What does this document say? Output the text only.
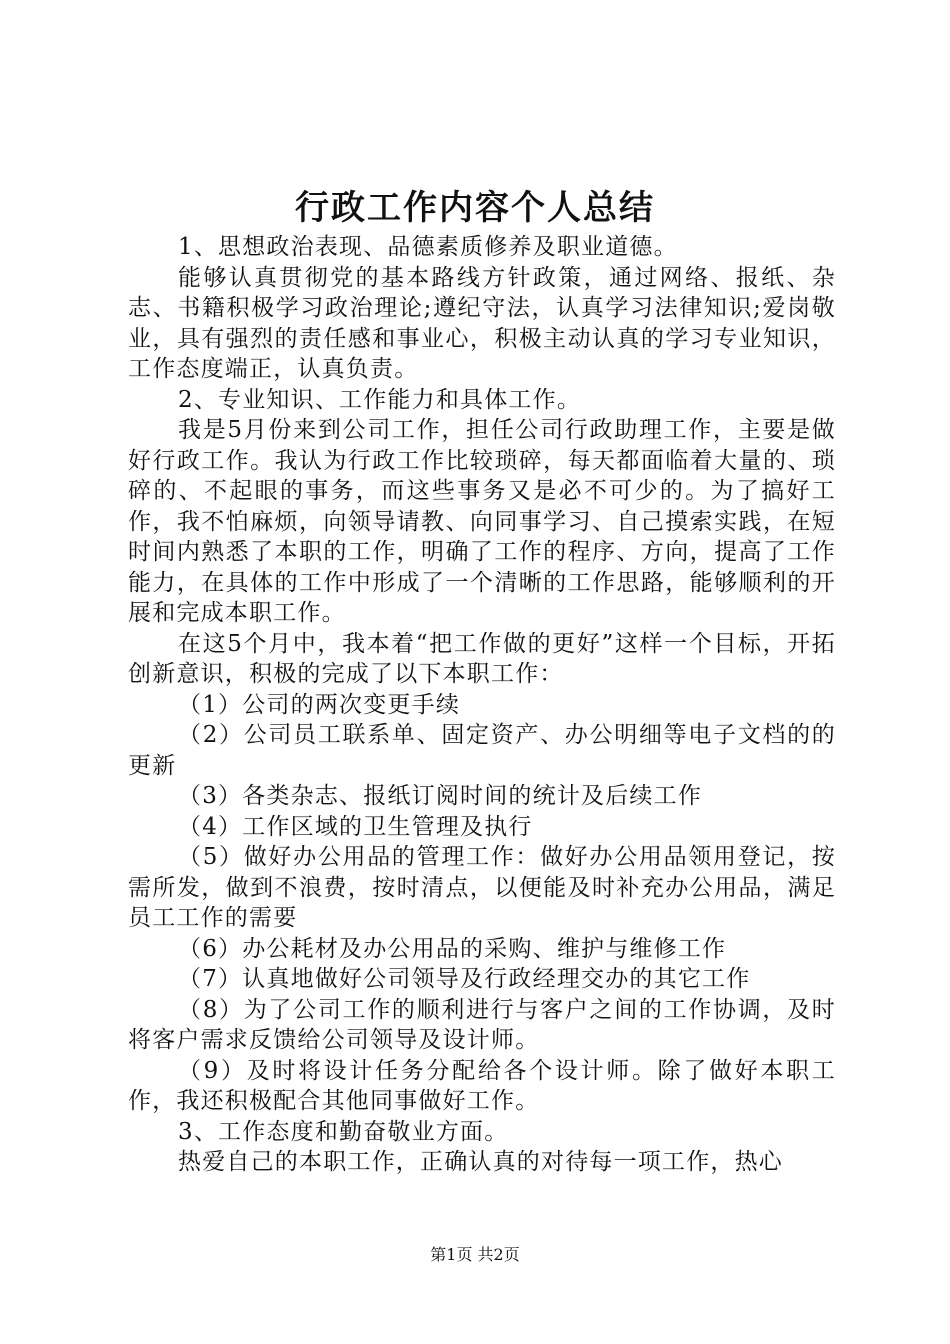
行政工作内容个人总结

1、思想政治表现、品德素质修养及职业道德。

能够认真贯彻党的基本路线方针政策，通过网络、报纸、杂志、书籍积极学习政治理论;遵纪守法，认真学习法律知识;爱岗敬业，具有强烈的责任感和事业心，积极主动认真的学习专业知识，工作态度端正，认真负责。

2、专业知识、工作能力和具体工作。

我是5月份来到公司工作，担任公司行政助理工作，主要是做好行政工作。我认为行政工作比较琐碎，每天都面临着大量的、琐碎的、不起眼的事务，而这些事务又是必不可少的。为了搞好工作，我不怕麻烦，向领导请教、向同事学习、自己摸索实践，在短时间内熟悉了本职的工作，明确了工作的程序、方向，提高了工作能力，在具体的工作中形成了一个清晰的工作思路，能够顺利的开展和完成本职工作。

在这5个月中，我本着“把工作做的更好”这样一个目标，开拓创新意识，积极的完成了以下本职工作：

（1）公司的两次变更手续

（2）公司员工联系单、固定资产、办公明细等电子文档的的更新

（3）各类杂志、报纸订阅时间的统计及后续工作

（4）工作区域的卫生管理及执行

（5）做好办公用品的管理工作：做好办公用品领用登记，按需所发，做到不浪费，按时清点，以便能及时补充办公用品，满足员工工作的需要

（6）办公耗材及办公用品的采购、维护与维修工作

（7）认真地做好公司领导及行政经理交办的其它工作

（8）为了公司工作的顺利进行与客户之间的工作协调，及时将客户需求反馈给公司领导及设计师。

（9）及时将设计任务分配给各个设计师。除了做好本职工作，我还积极配合其他同事做好工作。

3、工作态度和勤奋敬业方面。

热爱自己的本职工作，正确认真的对待每一项工作，热心

第1页 共2页
